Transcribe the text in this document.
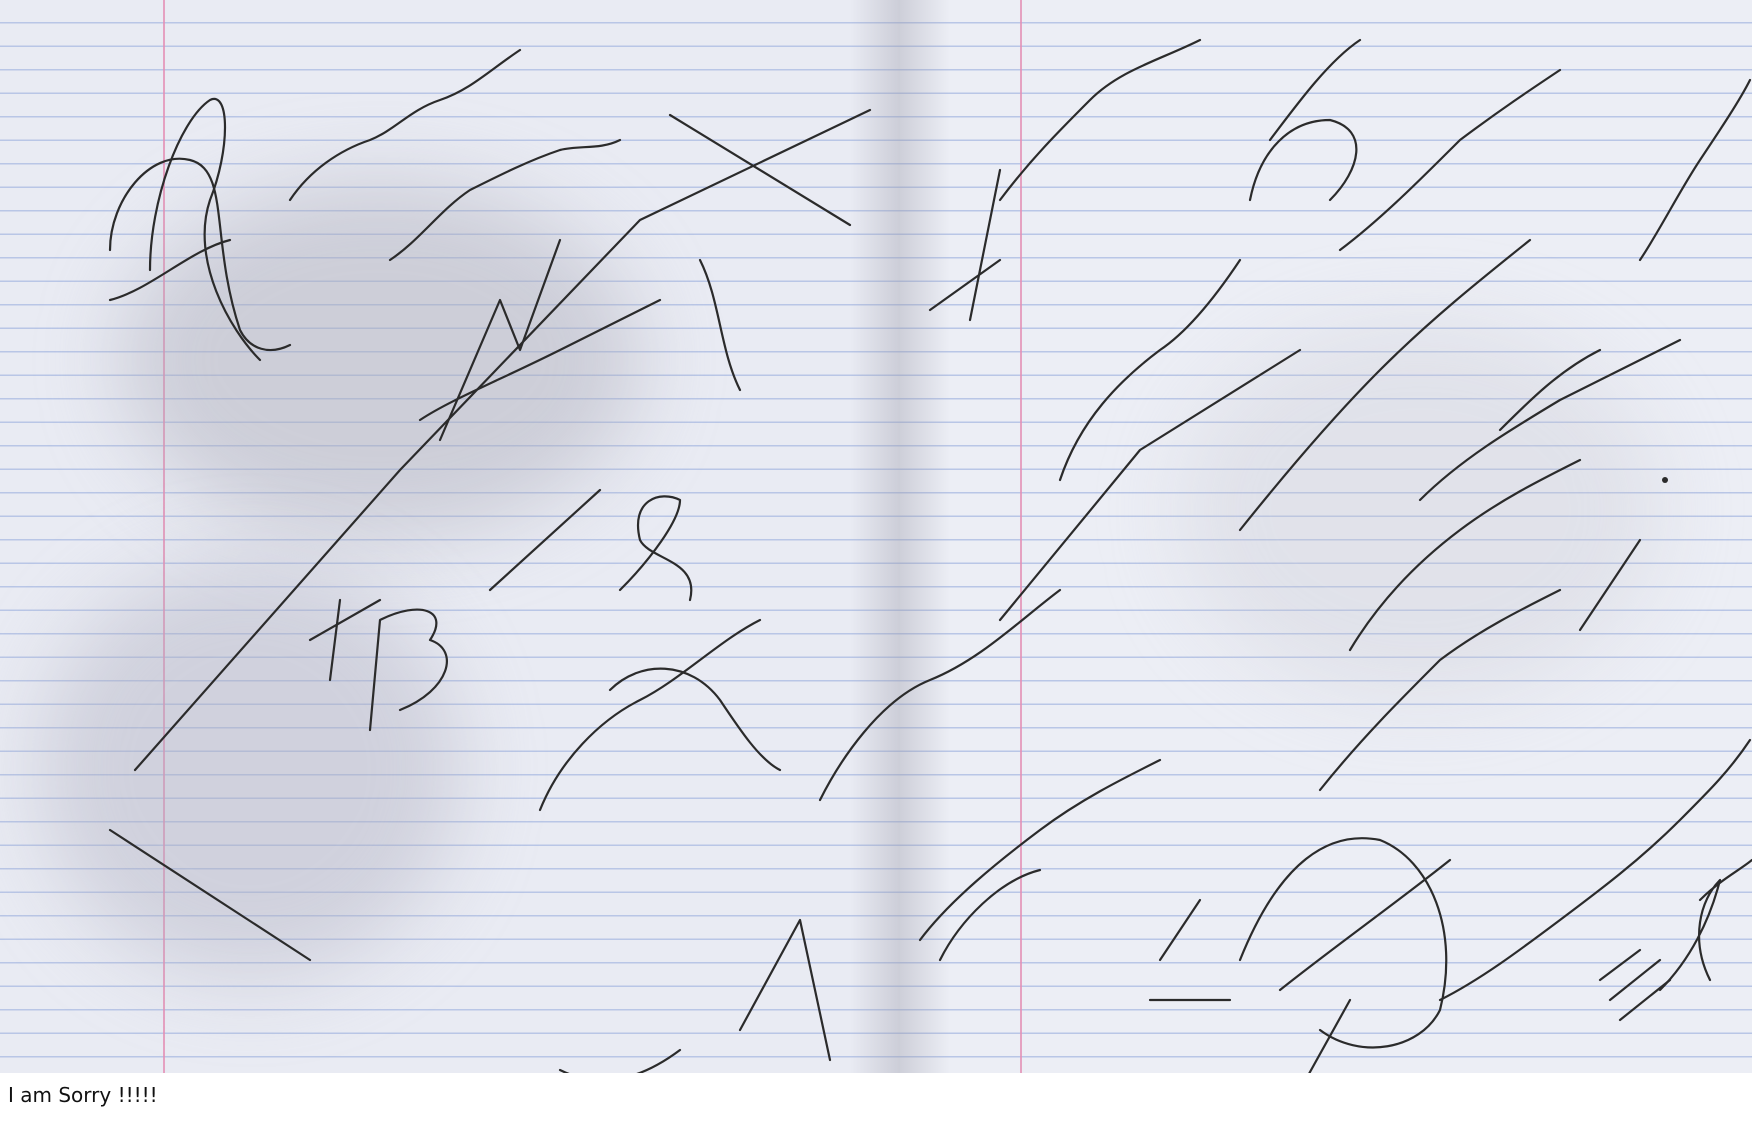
I am Sorry !!!!!
